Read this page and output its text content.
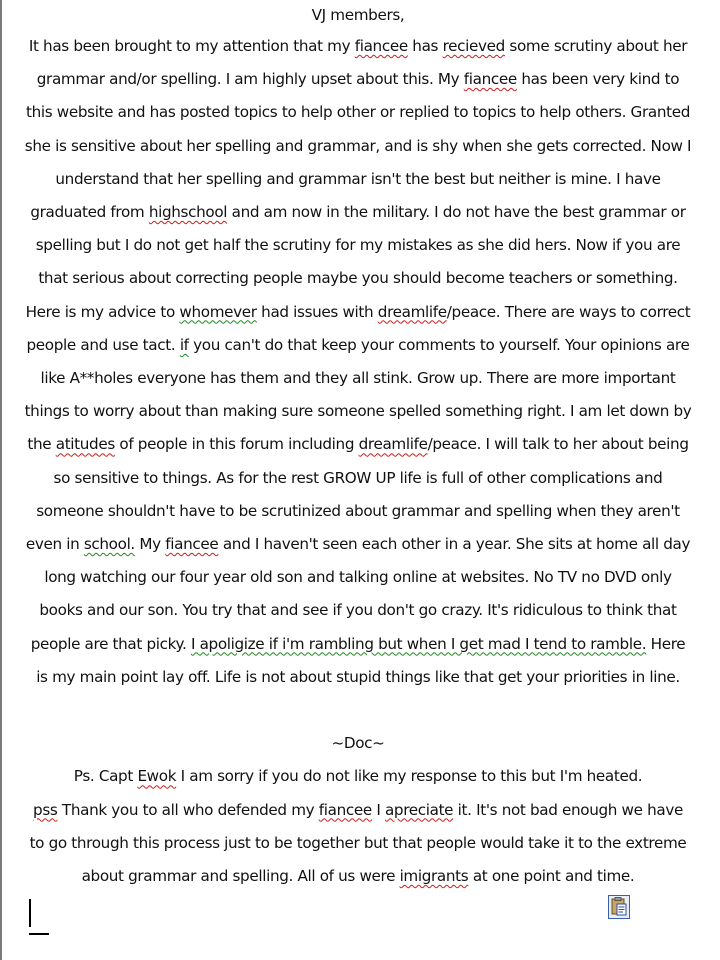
VJ members,

It has been brought to my attention that my fiancee has recieved some scrutiny about her grammar and/or spelling. I am highly upset about this. My fiancee has been very kind to this website and has posted topics to help other or replied to topics to help others. Granted she is sensitive about her spelling and grammar, and is shy when she gets corrected. Now I understand that her spelling and grammar isn't the best but neither is mine. I have graduated from highschool and am now in the military. I do not have the best grammar or spelling but I do not get half the scrutiny for my mistakes as she did hers. Now if you are that serious about correcting people maybe you should become teachers or something. Here is my advice to whomever had issues with dreamlife/peace. There are ways to correct people and use tact. if you can't do that keep your comments to yourself. Your opinions are like A**holes everyone has them and they all stink. Grow up. There are more important things to worry about than making sure someone spelled something right. I am let down by the atitudes of people in this forum including dreamlife/peace. I will talk to her about being so sensitive to things. As for the rest GROW UP life is full of other complications and someone shouldn't have to be scrutinized about grammar and spelling when they aren't even in school. My fiancee and I haven't seen each other in a year. She sits at home all day long watching our four year old son and talking online at websites. No TV no DVD only books and our son. You try that and see if you don't go crazy. It's ridiculous to think that people are that picky. I apoligize if i'm rambling but when I get mad I tend to ramble. Here is my main point lay off. Life is not about stupid things like that get your priorities in line.

~Doc~

Ps. Capt Ewok I am sorry if you do not like my response to this but I'm heated.

pss Thank you to all who defended my fiancee I apreciate it. It's not bad enough we have to go through this process just to be together but that people would take it to the extreme about grammar and spelling. All of us were imigrants at one point and time.
